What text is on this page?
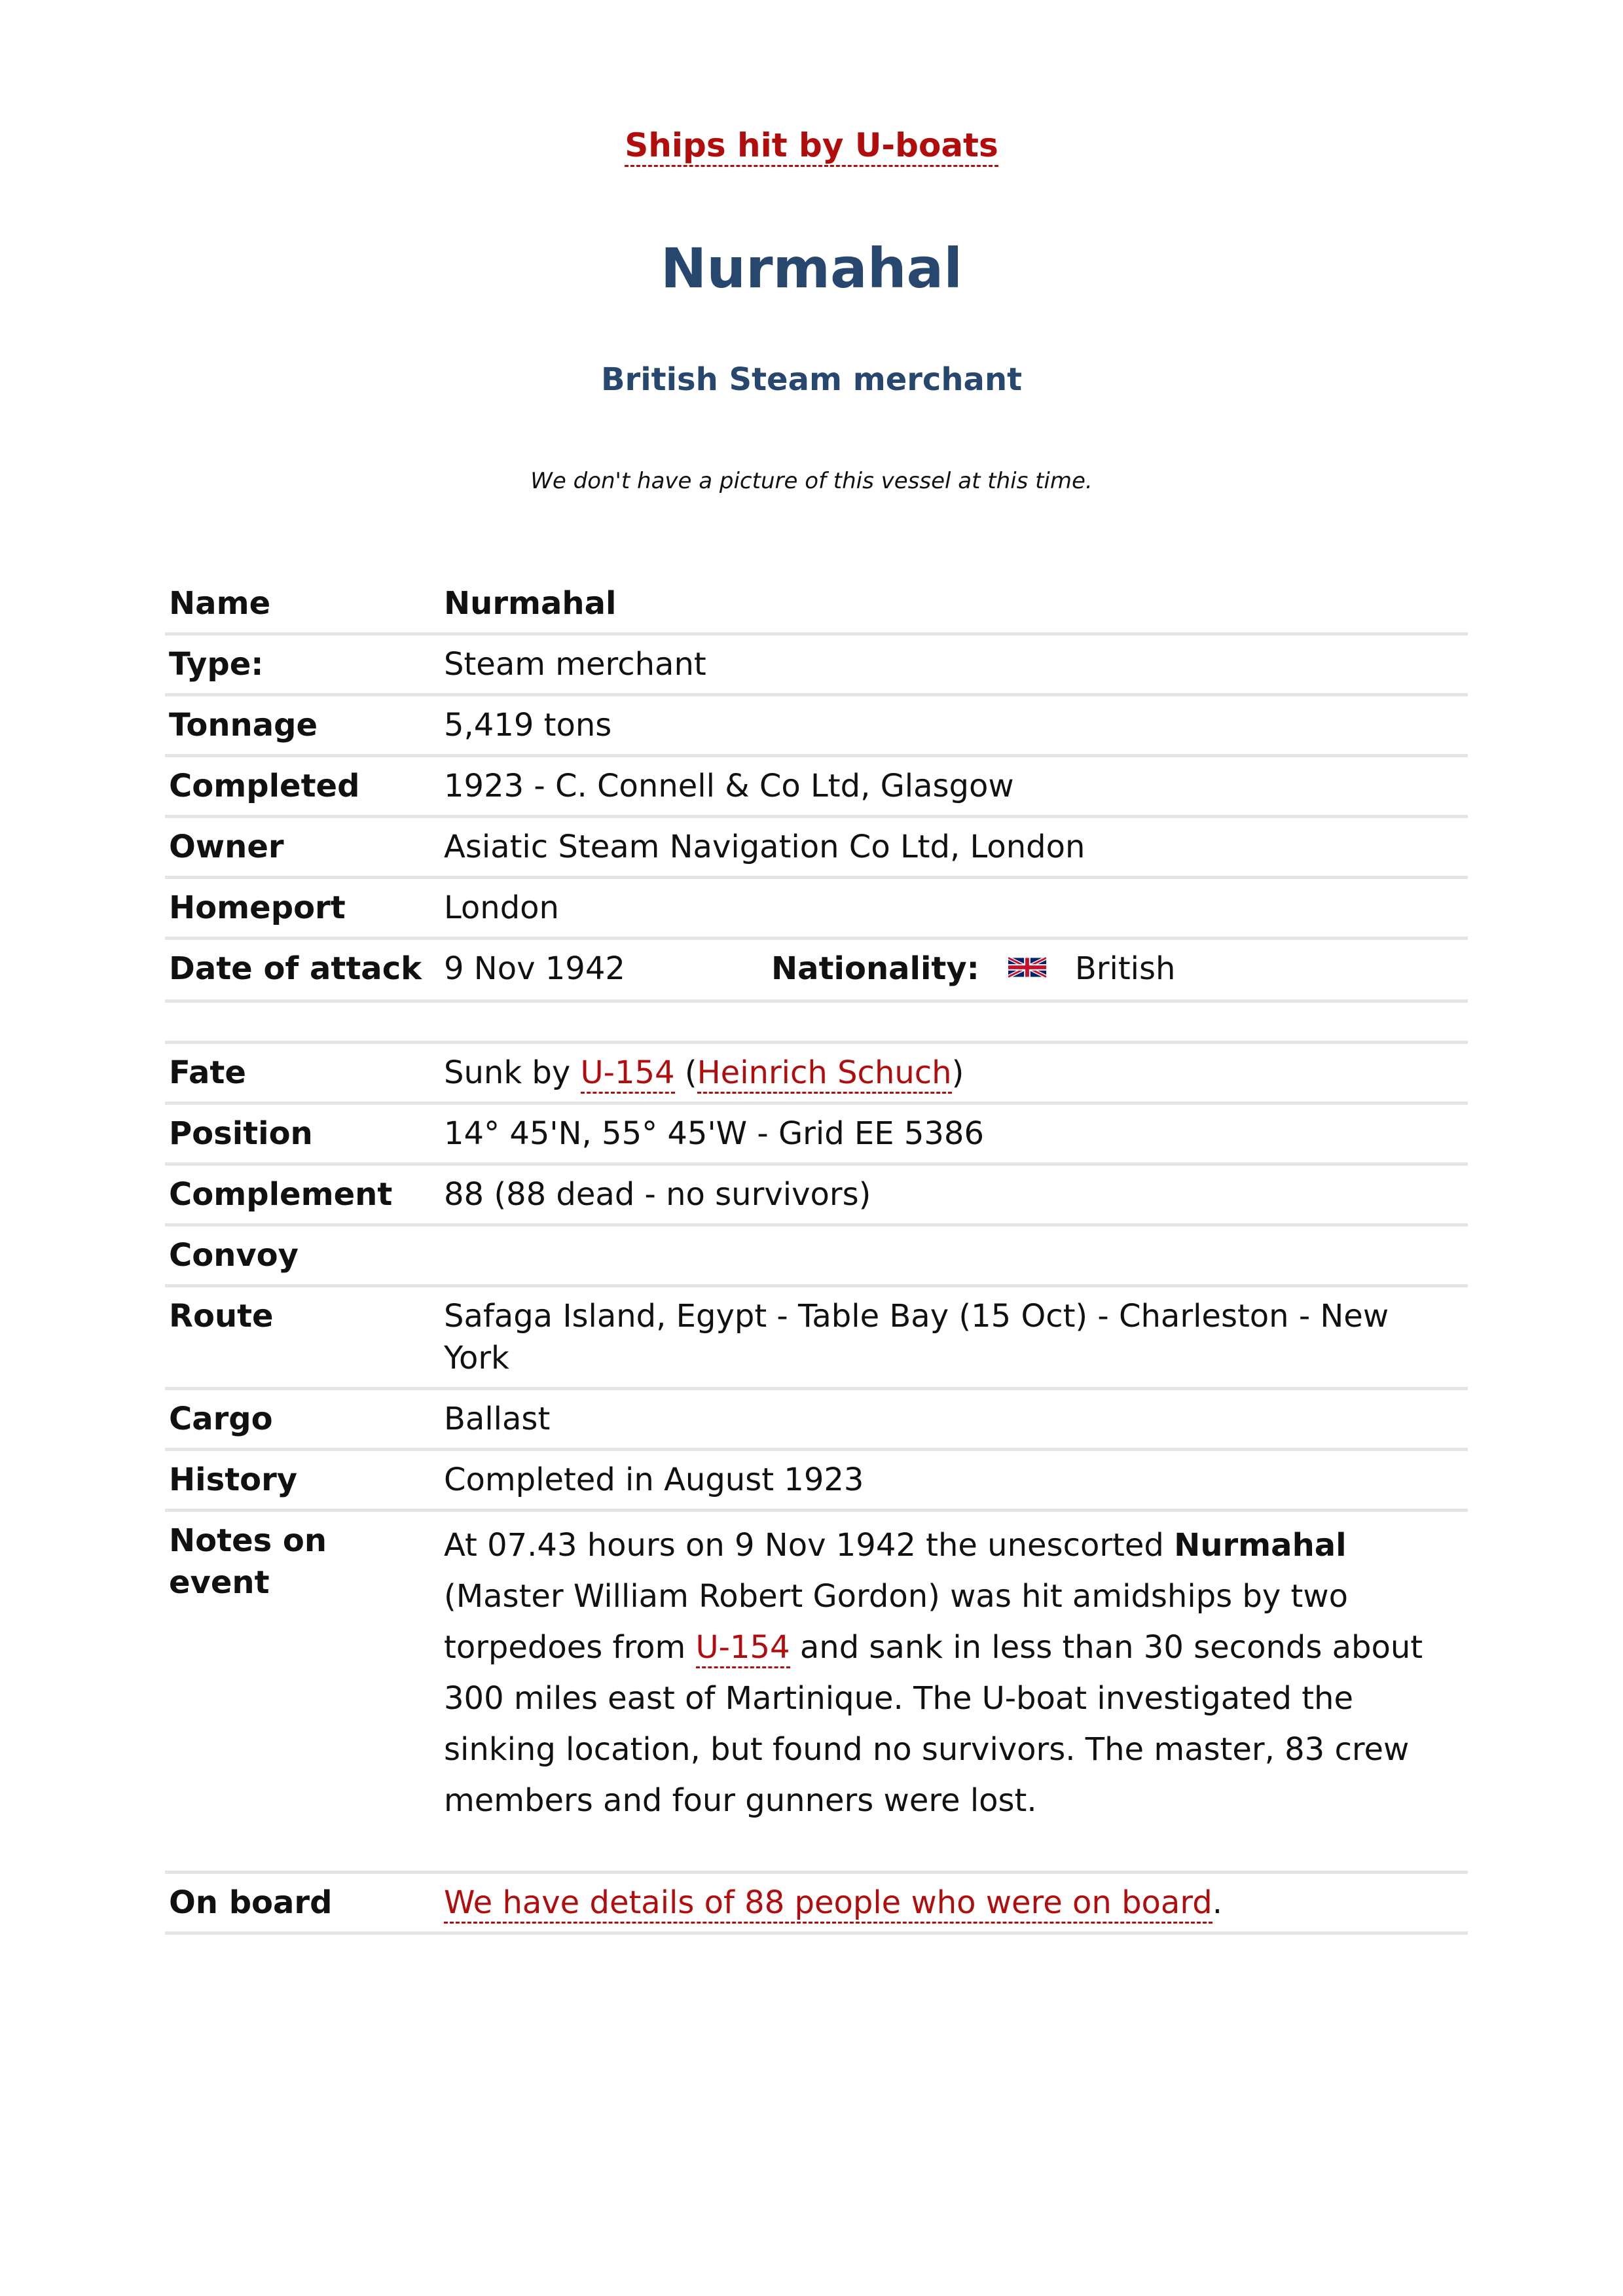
Ships hit by U-boats
Nurmahal
British Steam merchant
We don't have a picture of this vessel at this time.
Name	Nurmahal	
Type:	Steam merchant	
Tonnage	5,419 tons	
Completed	1923 - C. Connell & Co Ltd, Glasgow	
Owner	Asiatic Steam Navigation Co Ltd, London	
Homeport	London	
Date of attack	9 Nov 1942	Nationality: British
Fate	Sunk by U-154 (Heinrich Schuch)
Position	14° 45'N, 55° 45'W - Grid EE 5386
Complement	88 (88 dead - no survivors)
Convoy	
Route	Safaga Island, Egypt - Table Bay (15 Oct) - Charleston - New York
Cargo	Ballast
History	Completed in August 1923
Notes on event	At 07.43 hours on 9 Nov 1942 the unescorted Nurmahal (Master William Robert Gordon) was hit amidships by two torpedoes from U-154 and sank in less than 30 seconds about 300 miles east of Martinique. The U-boat investigated the sinking location, but found no survivors. The master, 83 crew members and four gunners were lost.
On board	We have details of 88 people who were on board.
